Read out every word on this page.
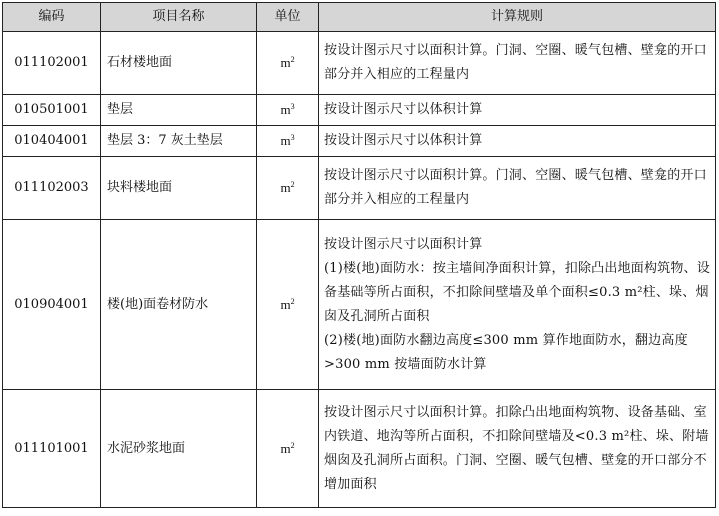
编码	项目名称	单位	计算规则
011102001	石材楼地面	$m^2$	按设计图示尺寸以面积计算。门洞、空圈、暖气包槽、壁龛的开口部分并入相应的工程量内

010501001	垫层	$m^3$	按设计图示尺寸以体积计算

010404001	垫层 3：7 灰土垫层	$m^3$	按设计图示尺寸以体积计算

011102003	块料楼地面	$m^2$	按设计图示尺寸以面积计算。门洞、空圈、暖气包槽、壁龛的开口部分并入相应的工程量内

010904001	楼(地)面卷材防水	$m^2$	按设计图示尺寸以面积计算
(1)楼(地)面防水：按主墙间净面积计算，扣除凸出地面构筑物、设备基础等所占面积，不扣除间壁墙及单个面积≤0.3 m²柱、垛、烟囱及孔洞所占面积
(2)楼(地)面防水翻边高度≤300 mm 算作地面防水，翻边高度>300 mm 按墙面防水计算

011101001	水泥砂浆地面	$m^2$	按设计图示尺寸以面积计算。扣除凸出地面构筑物、设备基础、室内铁道、地沟等所占面积，不扣除间壁墙及<0.3 m²柱、垛、附墙烟囱及孔洞所占面积。门洞、空圈、暖气包槽、壁龛的开口部分不增加面积
